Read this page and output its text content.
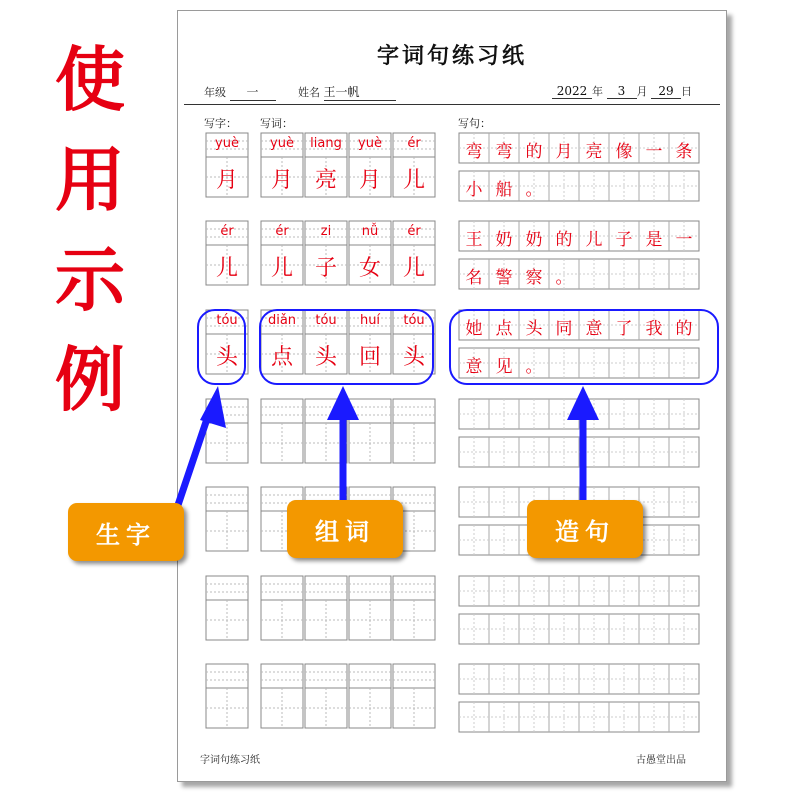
使
用
示
例
字词句练习纸
年级 一	姓名 王一帆	2022 年 3 月 29 日
写字： 写词：	写句：
yuè	yuè	liang	yuè	ér
月	月 亮 月 儿
弯 弯 的 月 亮 像 一 条
小 船 。
ér	ér	zi	nǚ	ér
儿	儿 子 女 儿
王 奶 奶 的 儿 子 是 一
名 警 察 。
tóu	diǎn	tóu	huí	tóu
头	点 头 回 头
她 点 头 同 意 了 我 的
意 见 。
字词句练习纸	古愚堂出品
生字	组词	造句
